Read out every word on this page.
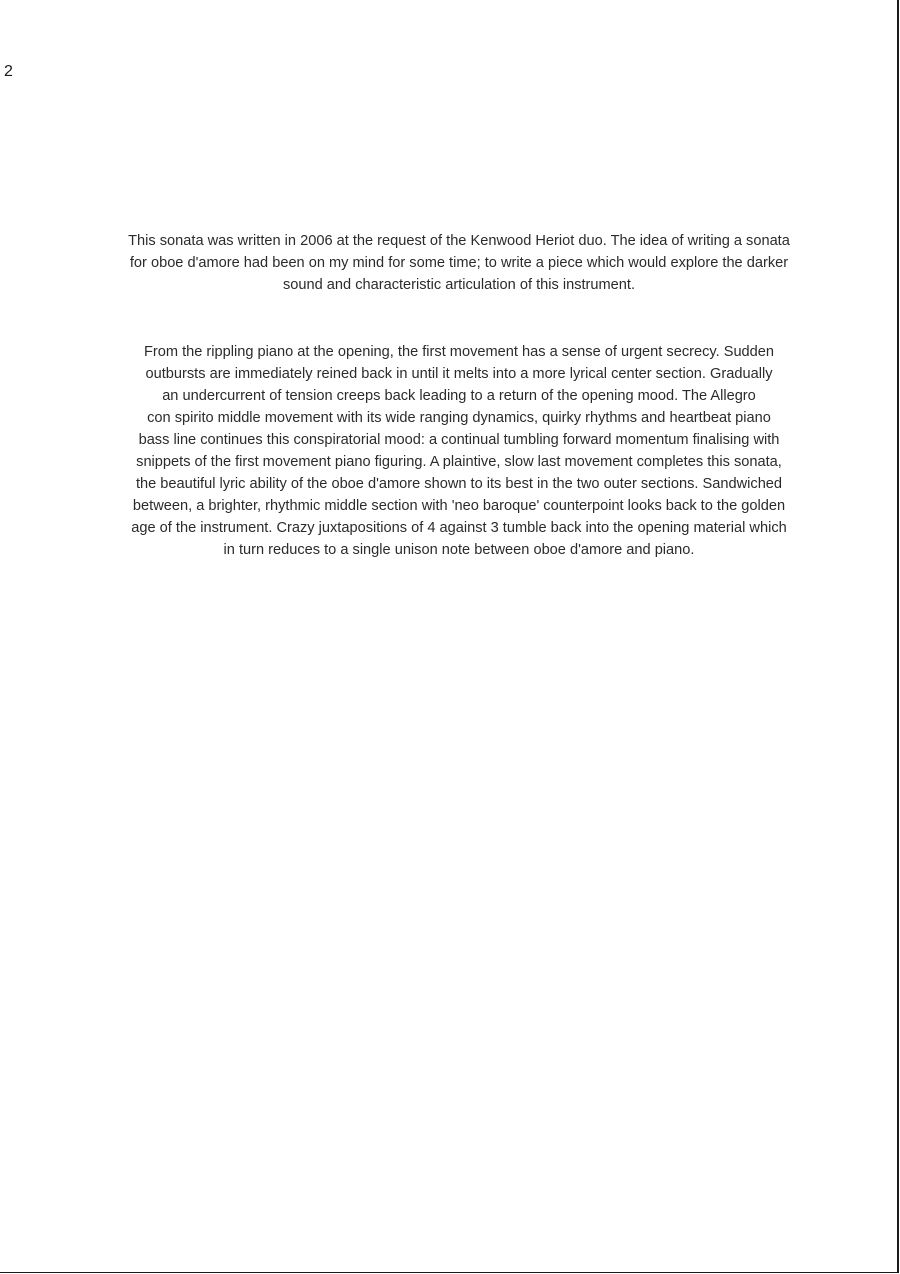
2
This sonata was written in 2006 at the request of the Kenwood Heriot duo. The idea of writing a sonata
for oboe d'amore had been on my mind for some time; to write a piece which would explore the darker
sound and characteristic articulation of this instrument.
From the rippling piano at the opening, the first movement has a sense of urgent secrecy. Sudden
outbursts are immediately reined back in until it melts into a more lyrical center section. Gradually
an undercurrent of tension creeps back leading to a return of the opening mood. The Allegro
con spirito middle movement with its wide ranging dynamics, quirky rhythms and heartbeat piano
bass line continues this conspiratorial mood: a continual tumbling forward momentum finalising with
snippets of the first movement piano figuring. A plaintive, slow last movement completes this sonata,
the beautiful lyric ability of the oboe d'amore shown to its best in the two outer sections. Sandwiched
between, a brighter, rhythmic middle section with 'neo baroque' counterpoint looks back to the golden
age of the instrument. Crazy juxtapositions of 4 against 3 tumble back into the opening material which
in turn reduces to a single unison note between oboe d'amore and piano.
